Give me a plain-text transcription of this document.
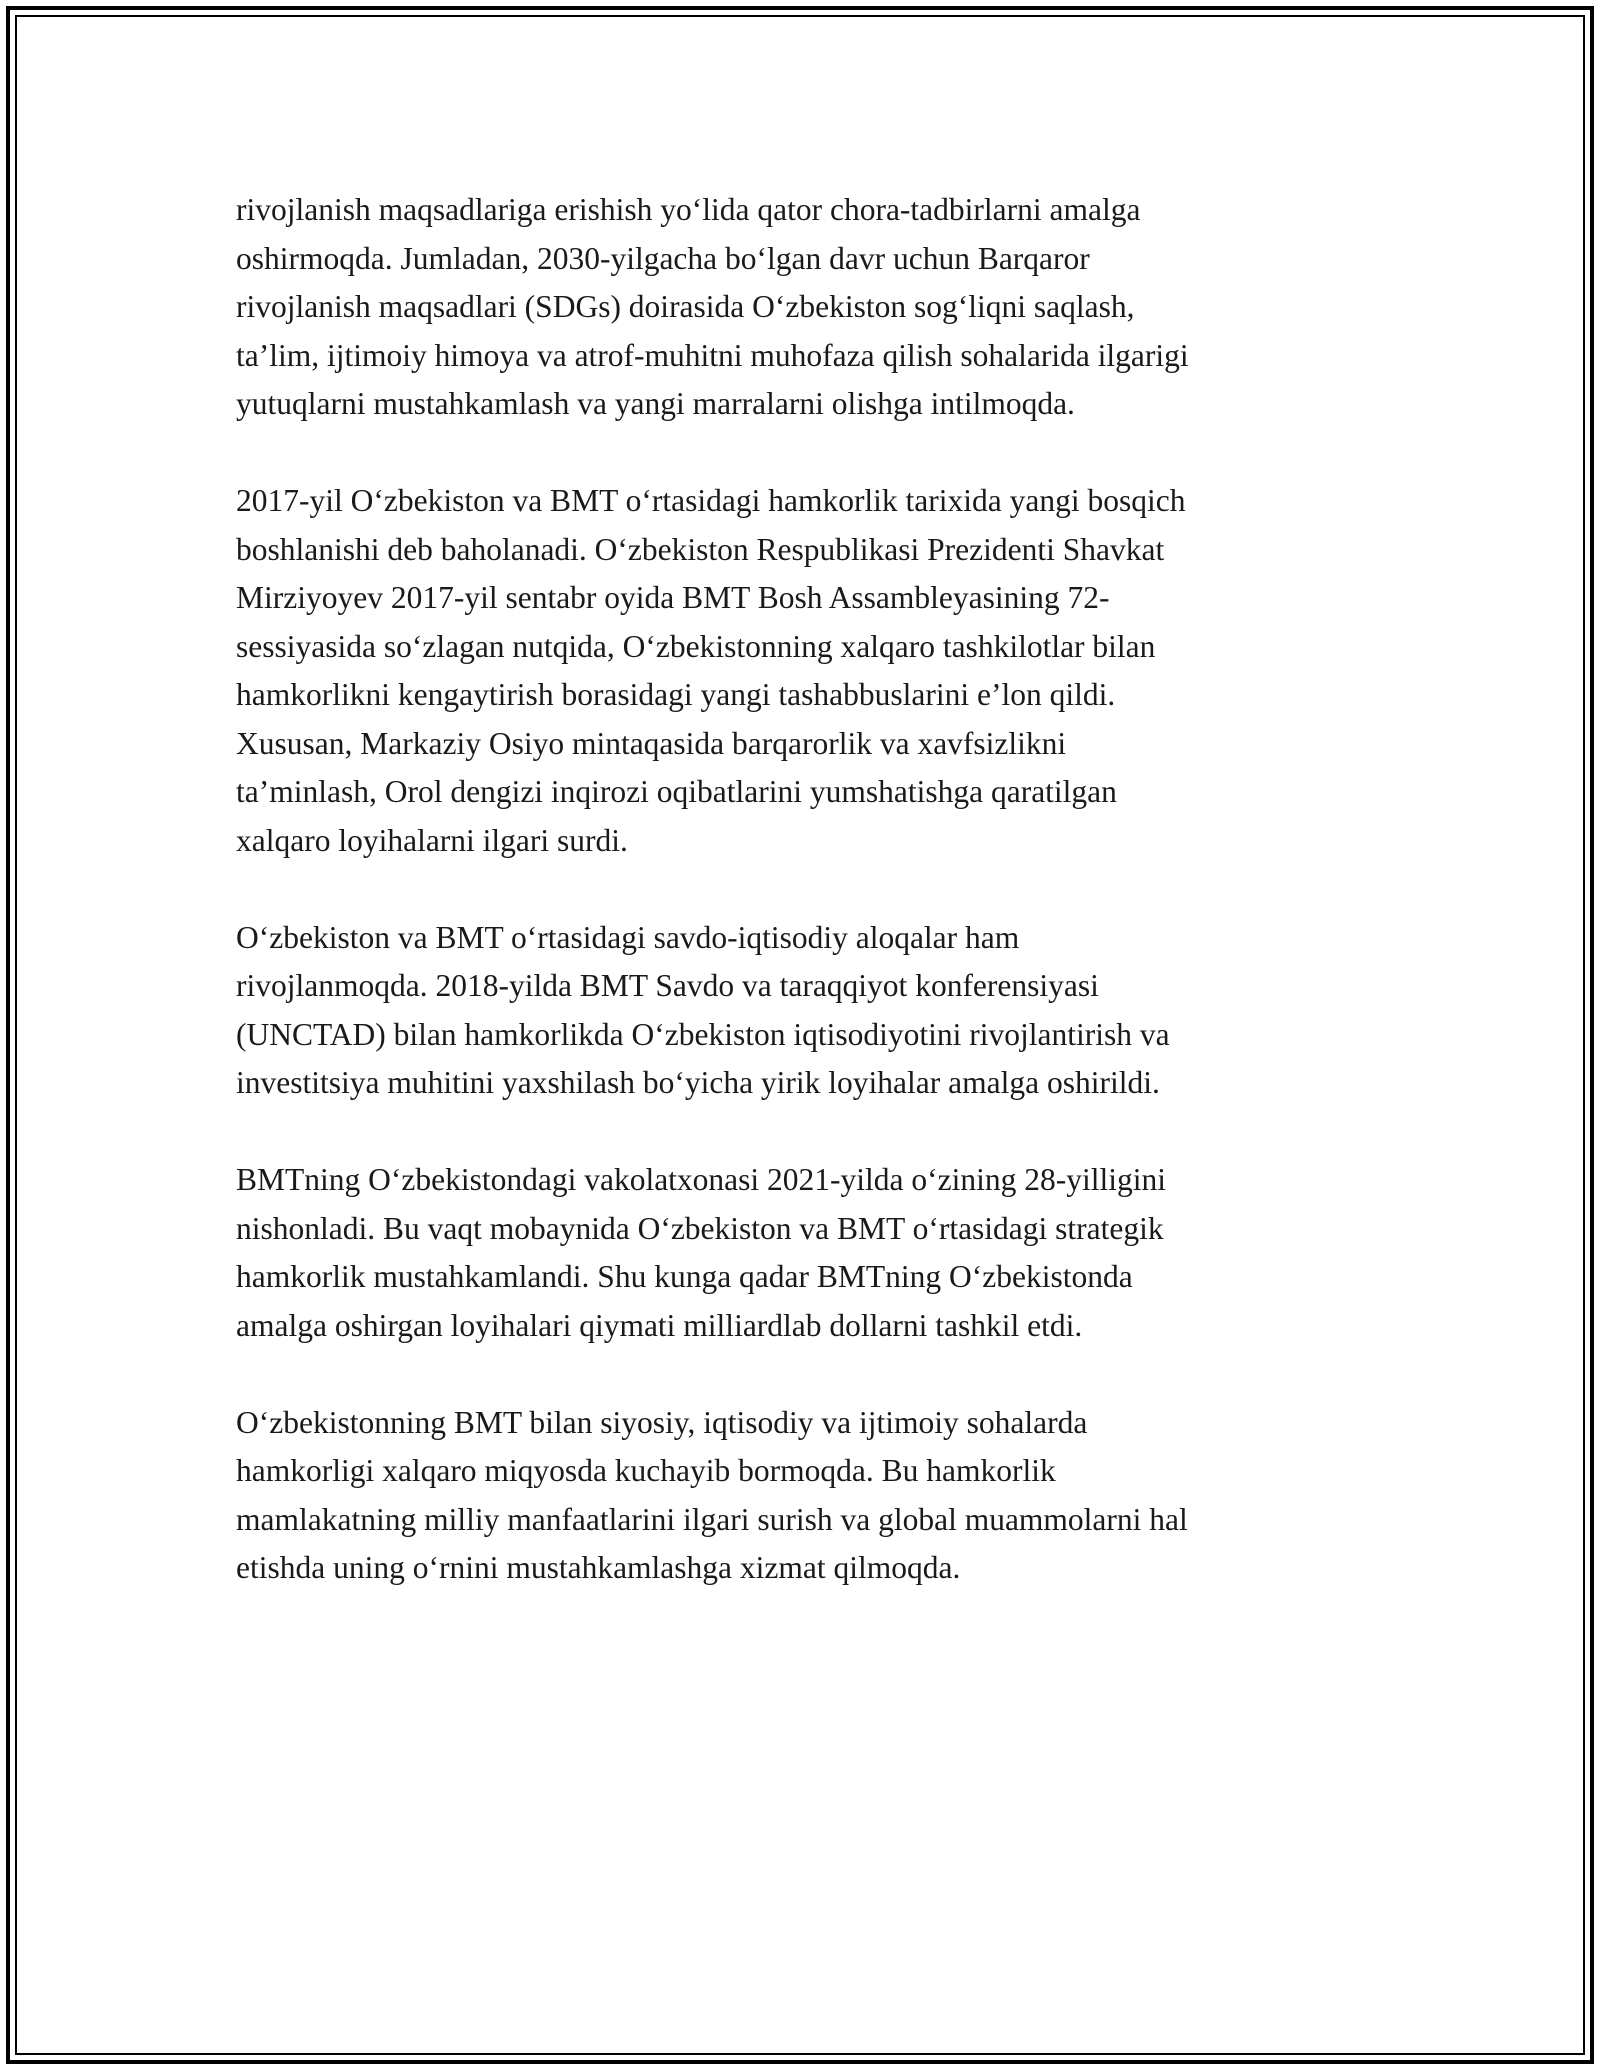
rivojlanish maqsadlariga erishish yo‘lida qator chora-tadbirlarni amalga
oshirmoqda. Jumladan, 2030-yilgacha bo‘lgan davr uchun Barqaror
rivojlanish maqsadlari (SDGs) doirasida O‘zbekiston sog‘liqni saqlash,
ta’lim, ijtimoiy himoya va atrof-muhitni muhofaza qilish sohalarida ilgarigi
yutuqlarni mustahkamlash va yangi marralarni olishga intilmoqda.

2017-yil O‘zbekiston va BMT o‘rtasidagi hamkorlik tarixida yangi bosqich
boshlanishi deb baholanadi. O‘zbekiston Respublikasi Prezidenti Shavkat
Mirziyoyev 2017-yil sentabr oyida BMT Bosh Assambleyasining 72-
sessiyasida so‘zlagan nutqida, O‘zbekistonning xalqaro tashkilotlar bilan
hamkorlikni kengaytirish borasidagi yangi tashabbuslarini e’lon qildi.
Xususan, Markaziy Osiyo mintaqasida barqarorlik va xavfsizlikni
ta’minlash, Orol dengizi inqirozi oqibatlarini yumshatishga qaratilgan
xalqaro loyihalarni ilgari surdi.

O‘zbekiston va BMT o‘rtasidagi savdo-iqtisodiy aloqalar ham
rivojlanmoqda. 2018-yilda BMT Savdo va taraqqiyot konferensiyasi
(UNCTAD) bilan hamkorlikda O‘zbekiston iqtisodiyotini rivojlantirish va
investitsiya muhitini yaxshilash bo‘yicha yirik loyihalar amalga oshirildi.

BMTning O‘zbekistondagi vakolatxonasi 2021-yilda o‘zining 28-yilligini
nishonladi. Bu vaqt mobaynida O‘zbekiston va BMT o‘rtasidagi strategik
hamkorlik mustahkamlandi. Shu kunga qadar BMTning O‘zbekistonda
amalga oshirgan loyihalari qiymati milliardlab dollarni tashkil etdi.

O‘zbekistonning BMT bilan siyosiy, iqtisodiy va ijtimoiy sohalarda
hamkorligi xalqaro miqyosda kuchayib bormoqda. Bu hamkorlik
mamlakatning milliy manfaatlarini ilgari surish va global muammolarni hal
etishda uning o‘rnini mustahkamlashga xizmat qilmoqda.
